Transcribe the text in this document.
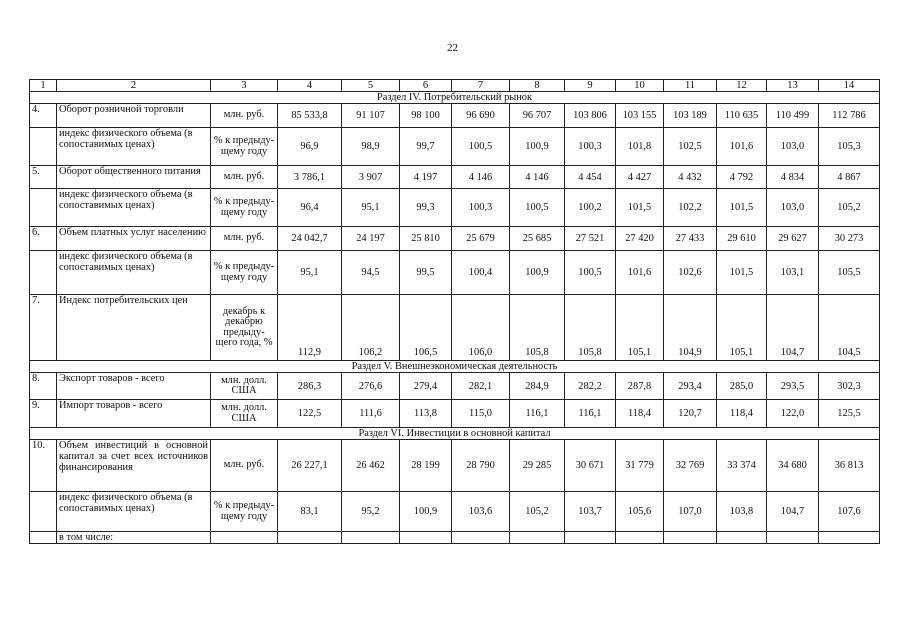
22
1	2	3	4	5	6	7	8	9	10	11	12	13	14
Раздел IV. Потребительский рынок													
4.	Оборот розничной торговли	млн. руб.	85 533,8	91 107	98 100	96 690	96 707	103 806	103 155	103 189	110 635	110 499	112 786
	индекс физического объема (в сопоставимых ценах)	% к предыду-щему году	96,9	98,9	99,7	100,5	100,9	100,3	101,8	102,5	101,6	103,0	105,3
5.	Оборот общественного питания	млн. руб.	3 786,1	3 907	4 197	4 146	4 146	4 454	4 427	4 432	4 792	4 834	4 867
	индекс физического объема (в сопоставимых ценах)	% к предыду-щему году	96,4	95,1	99,3	100,3	100,5	100,2	101,5	102,2	101,5	103,0	105,2
6.	Объем платных услуг населению	млн. руб.	24 042,7	24 197	25 810	25 679	25 685	27 521	27 420	27 433	29 610	29 627	30 273
	индекс физического объема (в сопоставимых ценах)	% к предыду-щему году	95,1	94,5	99,5	100,4	100,9	100,5	101,6	102,6	101,5	103,1	105,5
7.	Индекс потребительских цен	декабрь к декабрю предыду-щего года, %	112,9	106,2	106,5	106,0	105,8	105,8	105,1	104,9	105,1	104,7	104,5
Раздел V. Внешнеэкономическая деятельность													
8.	Экспорт товаров - всего	млн. долл. США	286,3	276,6	279,4	282,1	284,9	282,2	287,8	293,4	285,0	293,5	302,3
9.	Импорт товаров - всего	млн. долл. США	122,5	111,6	113,8	115,0	116,1	116,1	118,4	120,7	118,4	122,0	125,5
Раздел VI. Инвестиции в основной капитал													
10.	Объем инвестиций в основной капитал за счет всех источников финансирования	млн. руб.	26 227,1	26 462	28 199	28 790	29 285	30 671	31 779	32 769	33 374	34 680	36 813
	индекс физического объема (в сопоставимых ценах)	% к предыду-щему году	83,1	95,2	100,9	103,6	105,2	103,7	105,6	107,0	103,8	104,7	107,6
	в том числе:												
